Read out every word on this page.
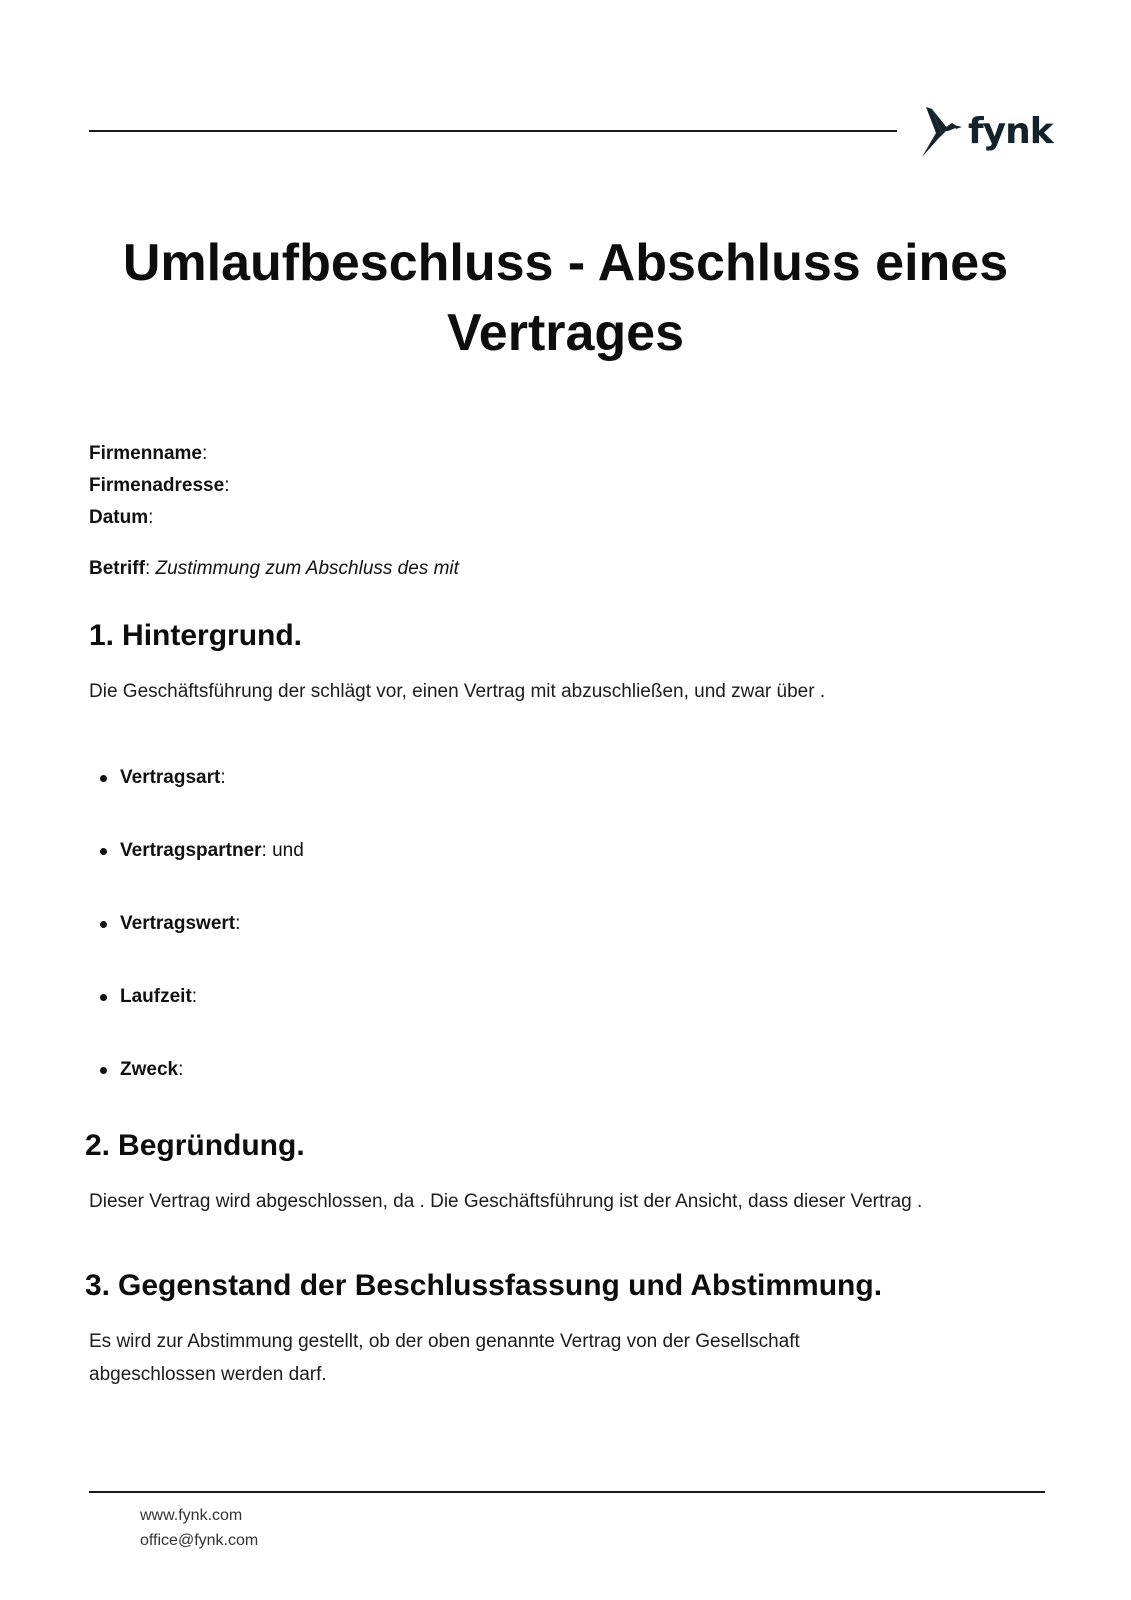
fynk
Umlaufbeschluss - Abschluss eines
Vertrages
Firmenname:
Firmenadresse:
Datum:
Betriff: Zustimmung zum Abschluss des mit
1. Hintergrund.
Die Geschäftsführung der schlägt vor, einen Vertrag mit abzuschließen, und zwar über .
Vertragsart:
Vertragspartner: und
Vertragswert:
Laufzeit:
Zweck:
2. Begründung.
Dieser Vertrag wird abgeschlossen, da . Die Geschäftsführung ist der Ansicht, dass dieser Vertrag .
3. Gegenstand der Beschlussfassung und Abstimmung.
Es wird zur Abstimmung gestellt, ob der oben genannte Vertrag von der Gesellschaft abgeschlossen werden darf.
www.fynk.com
office@fynk.com
